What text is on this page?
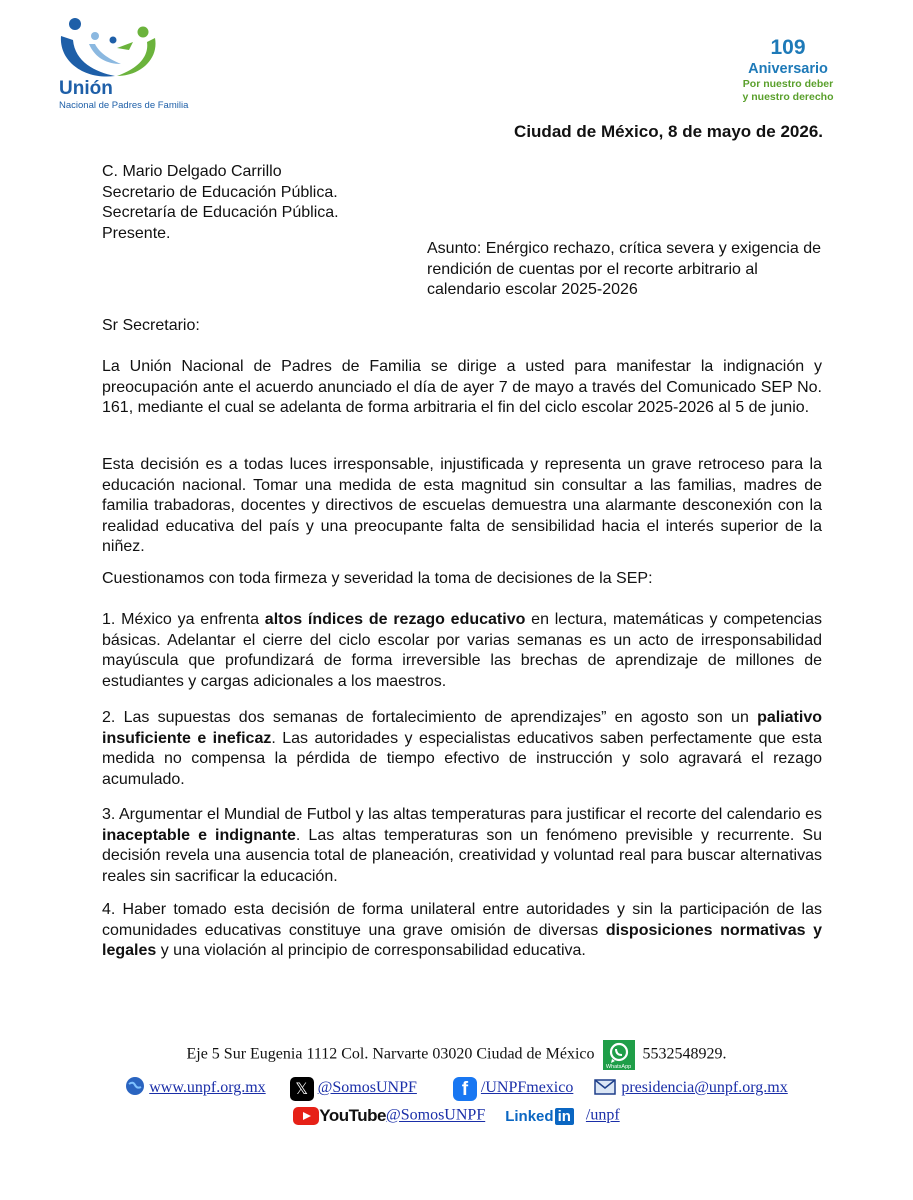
Unión
Nacional de Padres de Familia
109
Aniversario
Por nuestro deber
y nuestro derecho
Ciudad de México, 8 de mayo de 2026.
C. Mario Delgado Carrillo
Secretario de Educación Pública.
Secretaría de Educación Pública.
Presente.
Asunto: Enérgico rechazo, crítica severa y exigencia de rendición de cuentas por el recorte arbitrario al calendario escolar 2025-2026
Sr Secretario:
La Unión Nacional de Padres de Familia se dirige a usted para manifestar la indignación y preocupación ante el acuerdo anunciado el día de ayer 7 de mayo a través del Comunicado SEP No. 161, mediante el cual se adelanta de forma arbitraria el fin del ciclo escolar 2025-2026 al 5 de junio.
Esta decisión es a todas luces irresponsable, injustificada y representa un grave retroceso para la educación nacional. Tomar una medida de esta magnitud sin consultar a las familias, madres de familia trabadoras, docentes y directivos de escuelas demuestra una alarmante desconexión con la realidad educativa del país y una preocupante falta de sensibilidad hacia el interés superior de la niñez.
Cuestionamos con toda firmeza y severidad la toma de decisiones de la SEP:
1. México ya enfrenta altos índices de rezago educativo en lectura, matemáticas y competencias básicas. Adelantar el cierre del ciclo escolar por varias semanas es un acto de irresponsabilidad mayúscula que profundizará de forma irreversible las brechas de aprendizaje de millones de estudiantes y cargas adicionales a los maestros.
2. Las supuestas dos semanas de fortalecimiento de aprendizajes” en agosto son un paliativo insuficiente e ineficaz. Las autoridades y especialistas educativos saben perfectamente que esta medida no compensa la pérdida de tiempo efectivo de instrucción y solo agravará el rezago acumulado.
3. Argumentar el Mundial de Futbol y las altas temperaturas para justificar el recorte del calendario es inaceptable e indignante. Las altas temperaturas son un fenómeno previsible y recurrente. Su decisión revela una ausencia total de planeación, creatividad y voluntad real para buscar alternativas reales sin sacrificar la educación.
4. Haber tomado esta decisión de forma unilateral entre autoridades y sin la participación de las comunidades educativas constituye una grave omisión de diversas disposiciones normativas y legales y una violación al principio de corresponsabilidad educativa.
Eje 5 Sur Eugenia 1112 Col. Narvarte 03020 Ciudad de México
WhatsApp
5532548929.
www.unpf.org.mx 𝕏 @SomosUNPF f /UNPFmexico	presidencia@unpf.org.mx
YouTube@SomosUNPF Linked in /unpf
